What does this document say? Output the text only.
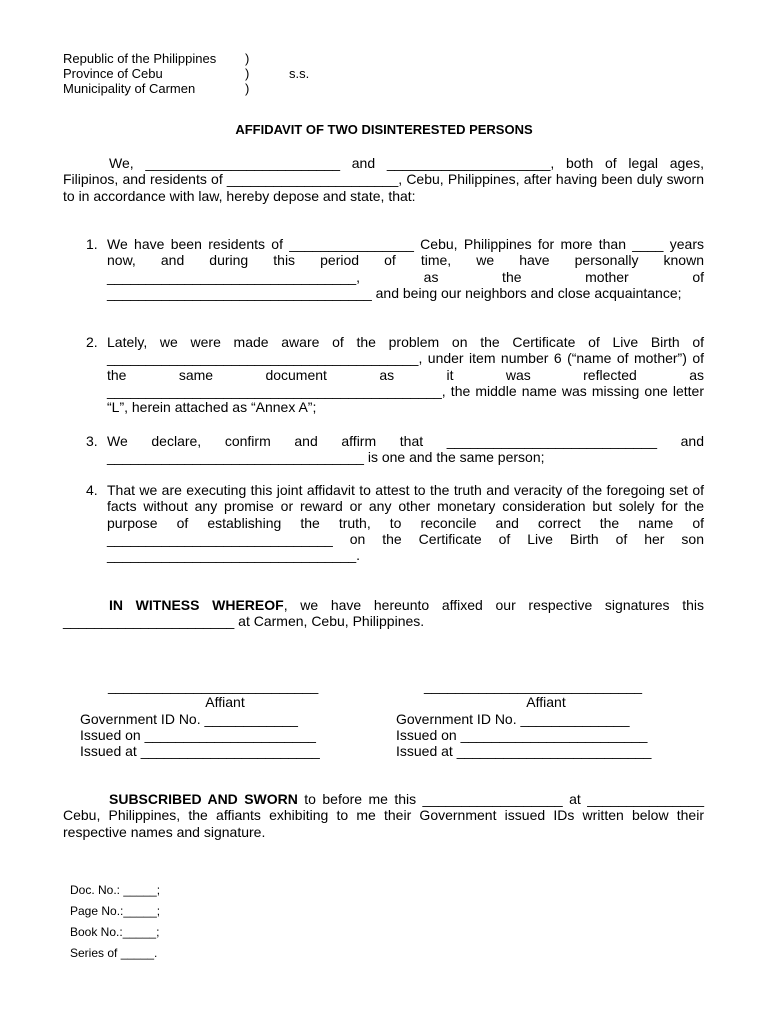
Republic of the Philippines )
Province of Cebu	)	s.s.
Municipality of Carmen	)
AFFIDAVIT OF TWO DISINTERESTED PERSONS
We, _________________________ and _____________________, both of legal ages, Filipinos, and residents of ______________________, Cebu, Philippines, after having been duly sworn to in accordance with law, hereby depose and state, that:
1. We have been residents of ________________ Cebu, Philippines for more than ____ years now, and during this period of time, we have personally known ________________________________, as the mother of __________________________________ and being our neighbors and close acquaintance;
2. Lately, we were made aware of the problem on the Certificate of Live Birth of ________________________________________, under item number 6 (“name of mother”) of the same document as it was reflected as ___________________________________________, the middle name was missing one letter “L”, herein attached as “Annex A”;
3. We declare, confirm and affirm that ___________________________ and _________________________________ is one and the same person;
4. That we are executing this joint affidavit to attest to the truth and veracity of the foregoing set of facts without any promise or reward or any other monetary consideration but solely for the purpose of establishing the truth, to reconcile and correct the name of _____________________________ on the Certificate of Live Birth of her son ________________________________.
IN WITNESS WHEREOF, we have hereunto affixed our respective signatures this ______________________ at Carmen, Cebu, Philippines.
___________________________
Affiant
Government ID No. ____________
Issued on ______________________
Issued at _______________________
____________________________
Affiant
Government ID No. ______________
Issued on ________________________
Issued at _________________________
SUBSCRIBED AND SWORN to before me this __________________ at _______________ Cebu, Philippines, the affiants exhibiting to me their Government issued IDs written below their respective names and signature.
Doc. No.: _____;
Page No.:_____;
Book No.:_____;
Series of _____.
